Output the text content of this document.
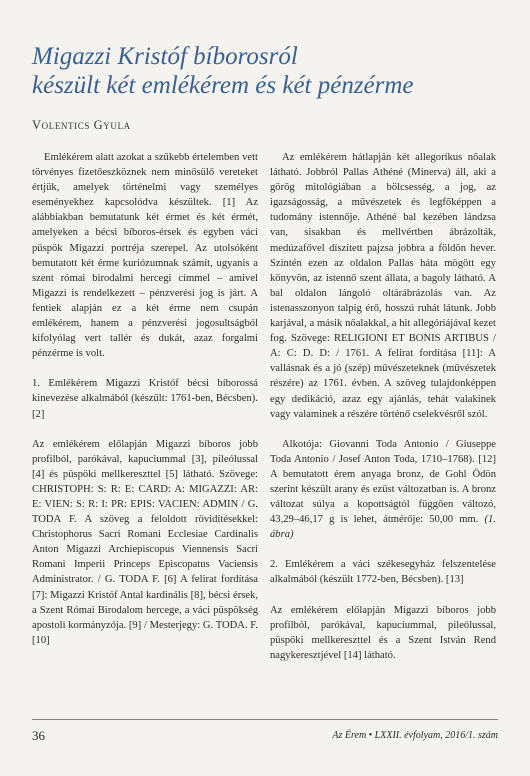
Migazzi Kristóf bíborosról
készült két emlékérem és két pénzérme
Volentics Gyula

Emlékérem alatt azokat a szűkebb értelemben vett törvényes fizetőeszköznek nem minősülő vereteket értjük, amelyek történelmi vagy személyes eseményekhez kapcsolódva készültek. [1] Az alábbiakban bemutatunk két érmet és két érmét, amelyeken a bécsi bíboros-érsek és egyben váci püspök Migazzi portréja szerepel. Az utolsóként bemutatott két érme kuriózumnak számít, ugyanis a szent római birodalmi hercegi címmel – amivel Migazzi is rendelkezett – pénzverési jog is járt. A fentiek alapján ez a két érme nem csupán emlékérem, hanem a pénzverési jogosultságból kifolyólag vert tallér és dukát, azaz forgalmi pénzérme is volt.

1. Emlékérem Migazzi Kristóf bécsi bíborossá kinevezése alkalmából (készült: 1761-ben, Bécsben). [2]

Az emlékérem előlapján Migazzi bíboros jobb profilból, parókával, kapuciummal [3], pileólussal [4] és püspöki mellkereszttel [5] látható. Szövege: CHRISTOPH: S: R: E: CARD: A: MIGAZZI: AR: E: VIEN: S: R: I: PR: EPIS: VACIEN: ADMIN / G. TODA F. A szöveg a feloldott rövidítésekkel: Christophorus Sacri Romani Ecclesiae Cardinalis Anton Migazzi Archiepiscopus Viennensis Sacri Romani Imperii Princeps Episcopatus Vaciensis Administrator. / G. TODA F. [6] A felirat fordítása [7]: Migazzi Kristóf Antal kardinális [8], bécsi érsek, a Szent Római Birodalom hercege, a váci püspökség apostoli kormányzója. [9] / Mesterjegy: G. TODA. F. [10]

Az emlékérem hátlapján két allegorikus nőalak látható. Jobbról Pallas Athéné (Minerva) áll, aki a görög mitológiában a bölcsesség, a jog, az igazságosság, a művészetek és legfőképpen a tudomány istennője. Athéné bal kezében lándzsa van, sisakban és mellvértben ábrázolták, medúzafővel díszített pajzsa jobbra a földön hever. Szintén ezen az oldalon Pallas háta mögött egy könyvön, az istennő szent állata, a bagoly látható. A bal oldalon lángoló oltárábrázolás van. Az istenasszonyon talpig érő, hosszú ruhát látunk. Jobb karjával, a másik nőalakkal, a hit allegóriájával kezet fog. Szövege: RELIGIONI ET BONIS ARTIBUS / A: C: D. D: / 1761. A felirat fordítása [11]: A vallásnak és a jó (szép) művészeteknek (művészetek részére) az 1761. évben. A szöveg tulajdonképpen egy dedikáció, azaz egy ajánlás, tehát valakinek vagy valaminek a részére történő cselekvésről szól.

Alkotója: Giovanni Toda Antonio / Giuseppe Toda Antonio / Josef Anton Toda, 1710–1768). [12] A bemutatott érem anyaga bronz, de Gohl Ödön szerint készült arany és ezüst változatban is. A bronz változat súlya a kopottságtól függően változó, 43,29–46,17 g is lehet, átmérője: 50,00 mm. (1. ábra)

2. Emlékérem a váci székesegyház felszentelése alkalmából (készült 1772-ben, Bécsben). [13]

Az emlékérem előlapján Migazzi bíboros jobb profilból, parókával, kapuciummal, pileólussal, püspöki mellkereszttel és a Szent István Rend nagykeresztjével [14] látható.

36	Az Érem • LXXII. évfolyam, 2016/1. szám
